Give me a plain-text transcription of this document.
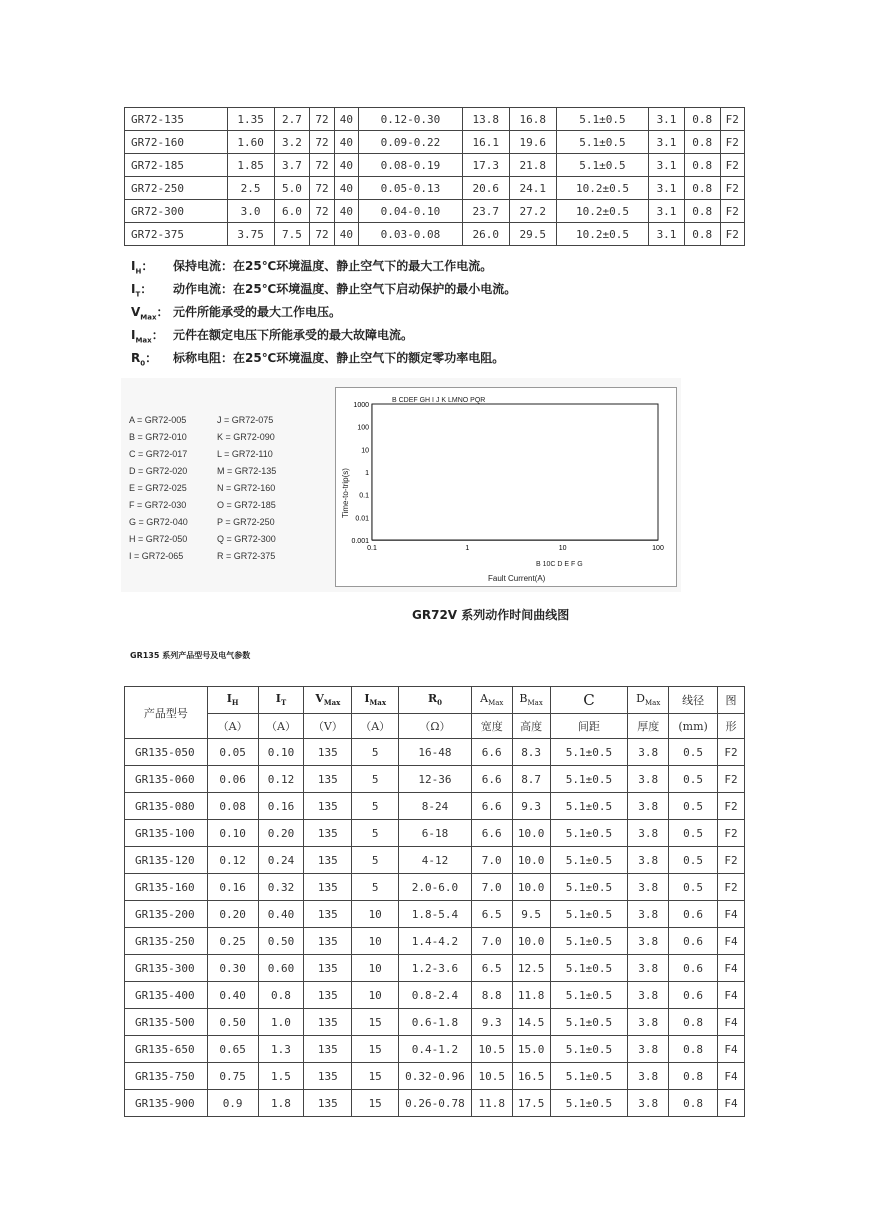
GR72-135	1.35	2.7	72	40	0.12-0.30	13.8	16.8	5.1±0.5	3.1	0.8	F2
GR72-160	1.60	3.2	72	40	0.09-0.22	16.1	19.6	5.1±0.5	3.1	0.8	F2
GR72-185	1.85	3.7	72	40	0.08-0.19	17.3	21.8	5.1±0.5	3.1	0.8	F2
GR72-250	2.5	5.0	72	40	0.05-0.13	20.6	24.1	10.2±0.5	3.1	0.8	F2
GR72-300	3.0	6.0	72	40	0.04-0.10	23.7	27.2	10.2±0.5	3.1	0.8	F2
GR72-375	3.75	7.5	72	40	0.03-0.08	26.0	29.5	10.2±0.5	3.1	0.8	F2
$I_H$： 保持电流：在25℃环境温度、静止空气下的最大工作电流。
$I_T$： 动作电流：在25℃环境温度、静止空气下启动保护的最小电流。
$V_{Max}$： 元件所能承受的最大工作电压。
$I_{Max}$： 元件在额定电压下所能承受的最大故障电流。
$R_0$： 标称电阻：在25℃环境温度、静止空气下的额定零功率电阻。
A = GR72-005	J = GR72-075
B = GR72-010	K = GR72-090
C = GR72-017	L = GR72-110
D = GR72-020	M = GR72-135
E = GR72-025	N = GR72-160
F = GR72-030	O = GR72-185
G = GR72-040	P = GR72-250
H = GR72-050	Q = GR72-300
I = GR72-065	R = GR72-375
B CDEF GH I J K LMNO PQR
Time-to-trip(s)
Fault Current(A)
B 10C D E F G
1000
100
10
1
0.1
0.01
0.001
0.1	1	10	100
GR72V 系列动作时间曲线图
GR135 系列产品型号及电气参数
产品型号	$I_H$	$I_T$	$V_{Max}$	$I_{Max}$	$R_0$	$A_{Max}$	$B_{Max}$	C	$D_{Max}$	线径	图
	（A）	（A）	（V）	（A）	（Ω）	宽度	高度	间距	厚度	(mm)	形
GR135-050	0.05	0.10	135	5	16-48	6.6	8.3	5.1±0.5	3.8	0.5	F2
GR135-060	0.06	0.12	135	5	12-36	6.6	8.7	5.1±0.5	3.8	0.5	F2
GR135-080	0.08	0.16	135	5	8-24	6.6	9.3	5.1±0.5	3.8	0.5	F2
GR135-100	0.10	0.20	135	5	6-18	6.6	10.0	5.1±0.5	3.8	0.5	F2
GR135-120	0.12	0.24	135	5	4-12	7.0	10.0	5.1±0.5	3.8	0.5	F2
GR135-160	0.16	0.32	135	5	2.0-6.0	7.0	10.0	5.1±0.5	3.8	0.5	F2
GR135-200	0.20	0.40	135	10	1.8-5.4	6.5	9.5	5.1±0.5	3.8	0.6	F4
GR135-250	0.25	0.50	135	10	1.4-4.2	7.0	10.0	5.1±0.5	3.8	0.6	F4
GR135-300	0.30	0.60	135	10	1.2-3.6	6.5	12.5	5.1±0.5	3.8	0.6	F4
GR135-400	0.40	0.8	135	10	0.8-2.4	8.8	11.8	5.1±0.5	3.8	0.6	F4
GR135-500	0.50	1.0	135	15	0.6-1.8	9.3	14.5	5.1±0.5	3.8	0.8	F4
GR135-650	0.65	1.3	135	15	0.4-1.2	10.5	15.0	5.1±0.5	3.8	0.8	F4
GR135-750	0.75	1.5	135	15	0.32-0.96	10.5	16.5	5.1±0.5	3.8	0.8	F4
GR135-900	0.9	1.8	135	15	0.26-0.78	11.8	17.5	5.1±0.5	3.8	0.8	F4
